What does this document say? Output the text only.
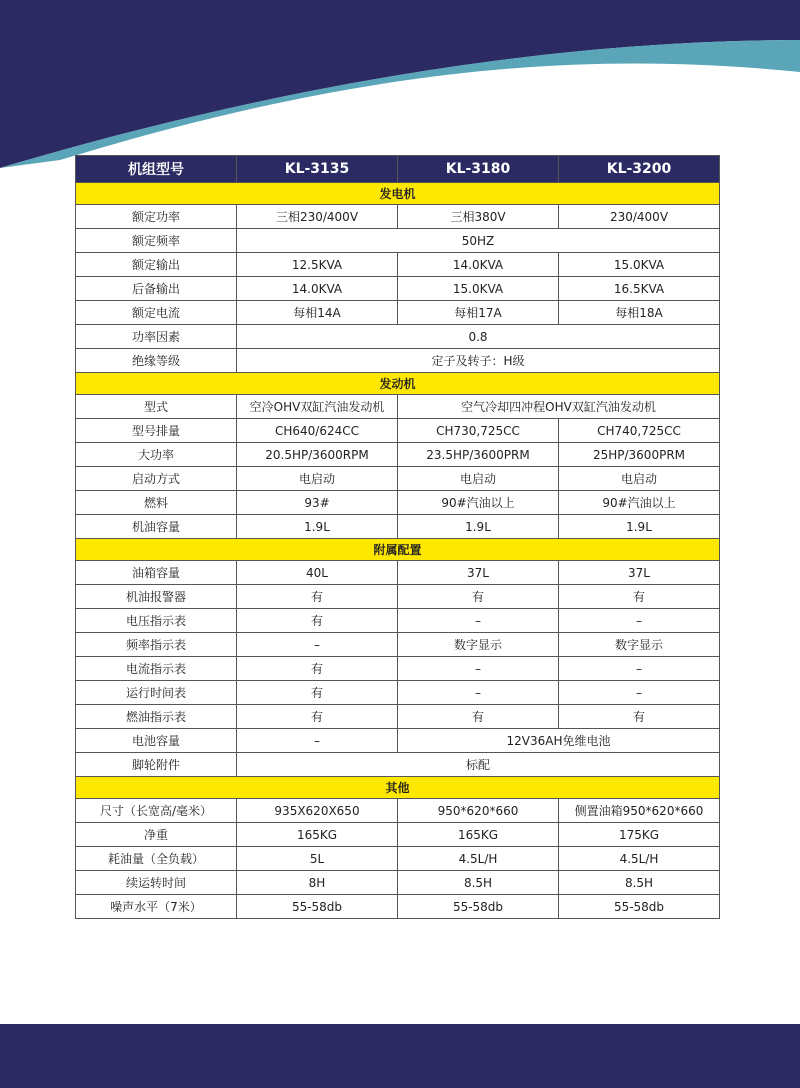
机组型号	KL-3135	KL-3180	KL-3200
发电机			
额定功率	三相230/400V	三相380V	230/400V
额定频率	50HZ		
额定输出	12.5KVA	14.0KVA	15.0KVA
后备输出	14.0KVA	15.0KVA	16.5KVA
额定电流	每相14A	每相17A	每相18A
功率因素	0.8		
绝缘等级	定子及转子：H级		
发动机			
型式	空冷OHV双缸汽油发动机	空气冷却四冲程OHV双缸汽油发动机	
型号排量	CH640/624CC	CH730,725CC	CH740,725CC
大功率	20.5HP/3600RPM	23.5HP/3600PRM	25HP/3600PRM
启动方式	电启动	电启动	电启动
燃料	93#	90#汽油以上	90#汽油以上
机油容量	1.9L	1.9L	1.9L
附属配置			
油箱容量	40L	37L	37L
机油报警器	有	有	有
电压指示表	有	–	–
频率指示表	–	数字显示	数字显示
电流指示表	有	–	–
运行时间表	有	–	–
燃油指示表	有	有	有
电池容量	–	12V36AH免维电池	
脚轮附件	标配		
其他			
尺寸（长宽高/毫米）	935X620X650	950*620*660	侧置油箱950*620*660
净重	165KG	165KG	175KG
耗油量（全负载）	5L	4.5L/H	4.5L/H
续运转时间	8H	8.5H	8.5H
噪声水平（7米）	55-58db	55-58db	55-58db
